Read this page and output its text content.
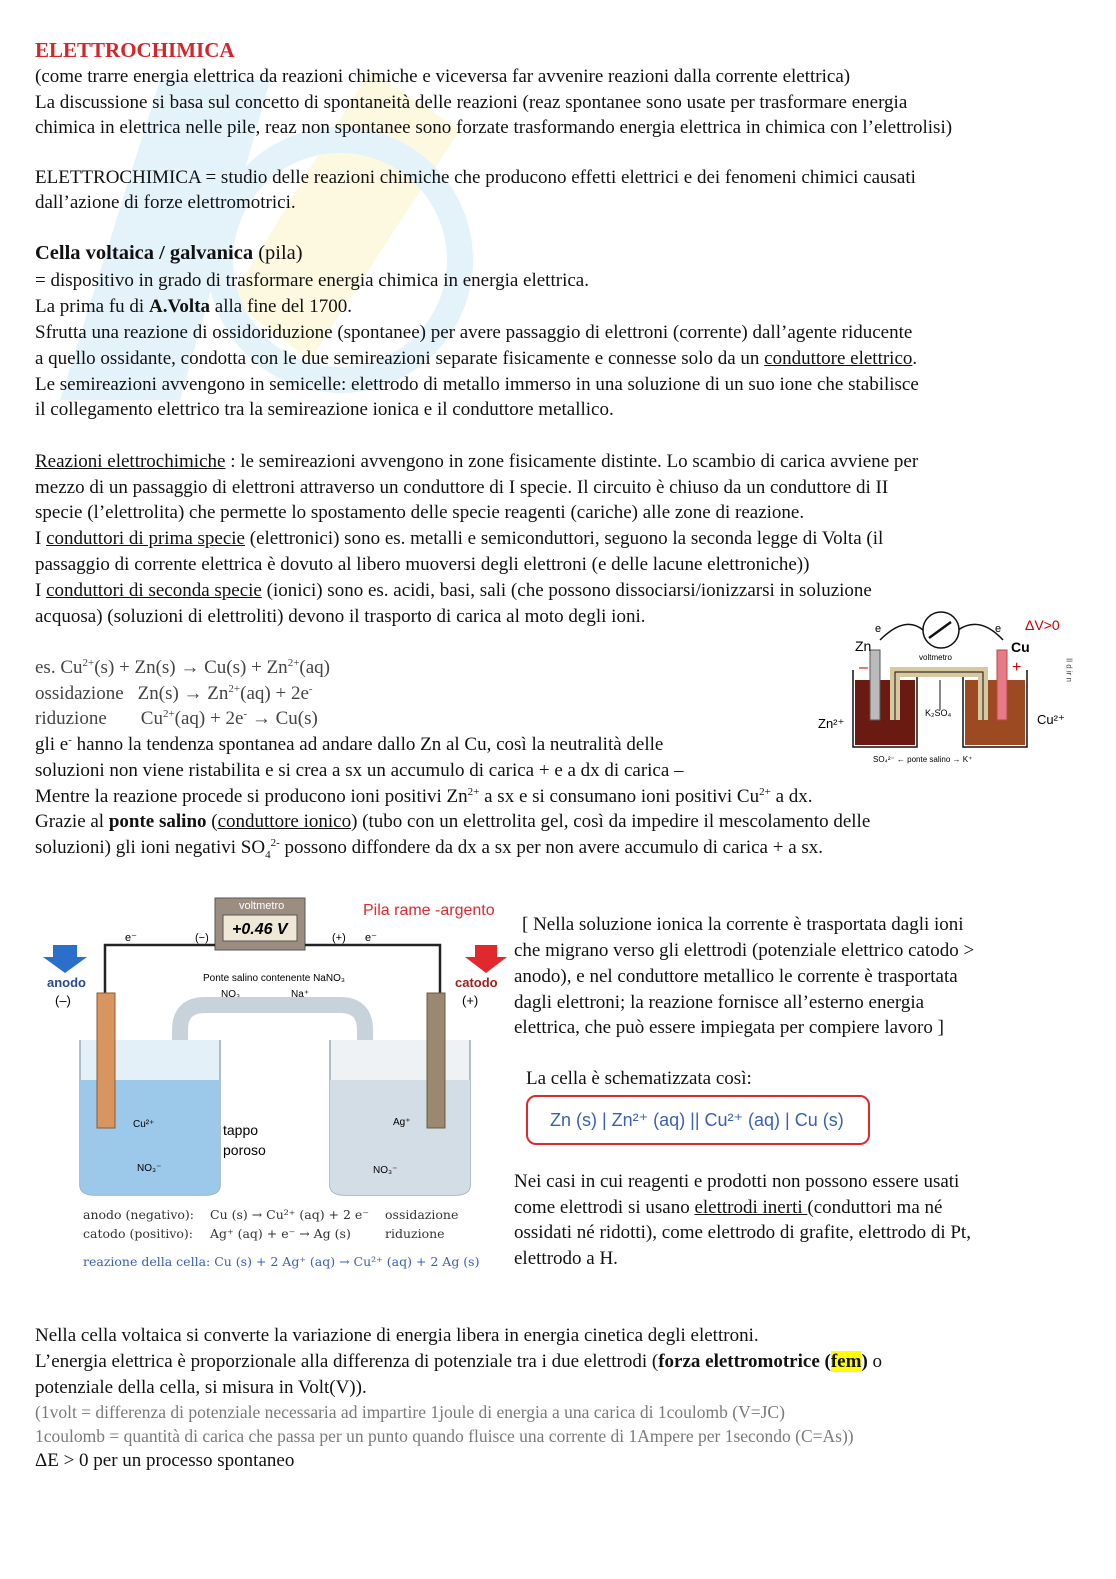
ELETTROCHIMICA
(come trarre energia elettrica da reazioni chimiche e viceversa far avvenire reazioni dalla corrente elettrica)
La discussione si basa sul concetto di spontaneità delle reazioni (reaz spontanee sono usate per trasformare energia
chimica in elettrica nelle pile, reaz non spontanee sono forzate trasformando energia elettrica in chimica con l’elettrolisi)
ELETTROCHIMICA = studio delle reazioni chimiche che producono effetti elettrici e dei fenomeni chimici causati
dall’azione di forze elettromotrici.
Cella voltaica / galvanica (pila)
= dispositivo in grado di trasformare energia chimica in energia elettrica.
La prima fu di A.Volta alla fine del 1700.
Sfrutta una reazione di ossidoriduzione (spontanee) per avere passaggio di elettroni (corrente) dall’agente riducente
a quello ossidante, condotta con le due semireazioni separate fisicamente e connesse solo da un conduttore elettrico.
Le semireazioni avvengono in semicelle: elettrodo di metallo immerso in una soluzione di un suo ione che stabilisce
il collegamento elettrico tra la semireazione ionica e il conduttore metallico.
Reazioni elettrochimiche : le semireazioni avvengono in zone fisicamente distinte. Lo scambio di carica avviene per
mezzo di un passaggio di elettroni attraverso un conduttore di I specie. Il circuito è chiuso da un conduttore di II
specie (l’elettrolita) che permette lo spostamento delle specie reagenti (cariche) alle zone di reazione.
I conduttori di prima specie (elettronici) sono es. metalli e semiconduttori, seguono la seconda legge di Volta (il
passaggio di corrente elettrica è dovuto al libero muoversi degli elettroni (e delle lacune elettroniche))
I conduttori di seconda specie (ionici) sono es. acidi, basi, sali (che possono dissociarsi/ionizzarsi in soluzione
acquosa) (soluzioni di elettroliti) devono il trasporto di carica al moto degli ioni.
es. $Cu^{2+}(s) + Zn(s) \to Cu(s) + Zn^{2+}(aq)$
ossidazione $Zn(s) \to Zn^{2+}(aq) + 2e^-$
riduzione $Cu^{2+}(aq) + 2e^- \to Cu(s)$
gli e- hanno la tendenza spontanea ad andare dallo Zn al Cu, così la neutralità delle
soluzioni non viene ristabilita e si crea a sx un accumulo di carica + e a dx di carica –
Mentre la reazione procede si producono ioni positivi $Zn^{2+}$ a sx e si consumano ioni positivi $Cu^{2+}$ a dx.
Grazie al ponte salino (conduttore ionico) (tubo con un elettrolita gel, così da impedire il mescolamento delle
soluzioni) gli ioni negativi $SO_4^{2-}$ possono diffondere da dx a sx per non avere accumulo di carica + a sx.
Zn	Cu
–	+
e	e ΔV>0
voltmetro
K₂SO₄
Zn²⁺	Cu²⁺
SO₄²⁻ ← ponte salino → K⁺
Il d ir n
voltmetro
+0.46 V
Pila rame -argento
e⁻	(−)	(+) e⁻
anodo
(–)
catodo
(+)
Ponte salino contenente NaNO₃
NO₃	Na⁺
Cu²⁺
NO₃⁻
tappo
poroso
Ag⁺
NO₃⁻
anodo (negativo): Cu (s) → Cu²⁺ (aq) + 2 e⁻ ossidazione
catodo (positivo): Ag⁺ (aq) + e⁻ → Ag (s)	riduzione
reazione della cella: Cu (s) + 2 Ag⁺ (aq) → Cu²⁺ (aq) + 2 Ag (s)
[ Nella soluzione ionica la corrente è trasportata dagli ioni
che migrano verso gli elettrodi (potenziale elettrico catodo >
anodo), e nel conduttore metallico le corrente è trasportata
dagli elettroni; la reazione fornisce all’esterno energia
elettrica, che può essere impiegata per compiere lavoro ]
La cella è schematizzata così:
Zn (s) | Zn²⁺ (aq) || Cu²⁺ (aq) | Cu (s)
Nei casi in cui reagenti e prodotti non possono essere usati
come elettrodi si usano elettrodi inerti (conduttori ma né
ossidati né ridotti), come elettrodo di grafite, elettrodo di Pt,
elettrodo a H.
Nella cella voltaica si converte la variazione di energia libera in energia cinetica degli elettroni.
L’energia elettrica è proporzionale alla differenza di potenziale tra i due elettrodi (forza elettromotrice (fem) o
potenziale della cella, si misura in Volt(V)).
(1volt = differenza di potenziale necessaria ad impartire 1joule di energia a una carica di 1coulomb (V=JC)
1coulomb = quantità di carica che passa per un punto quando fluisce una corrente di 1Ampere per 1secondo (C=As))
ΔE > 0 per un processo spontaneo
